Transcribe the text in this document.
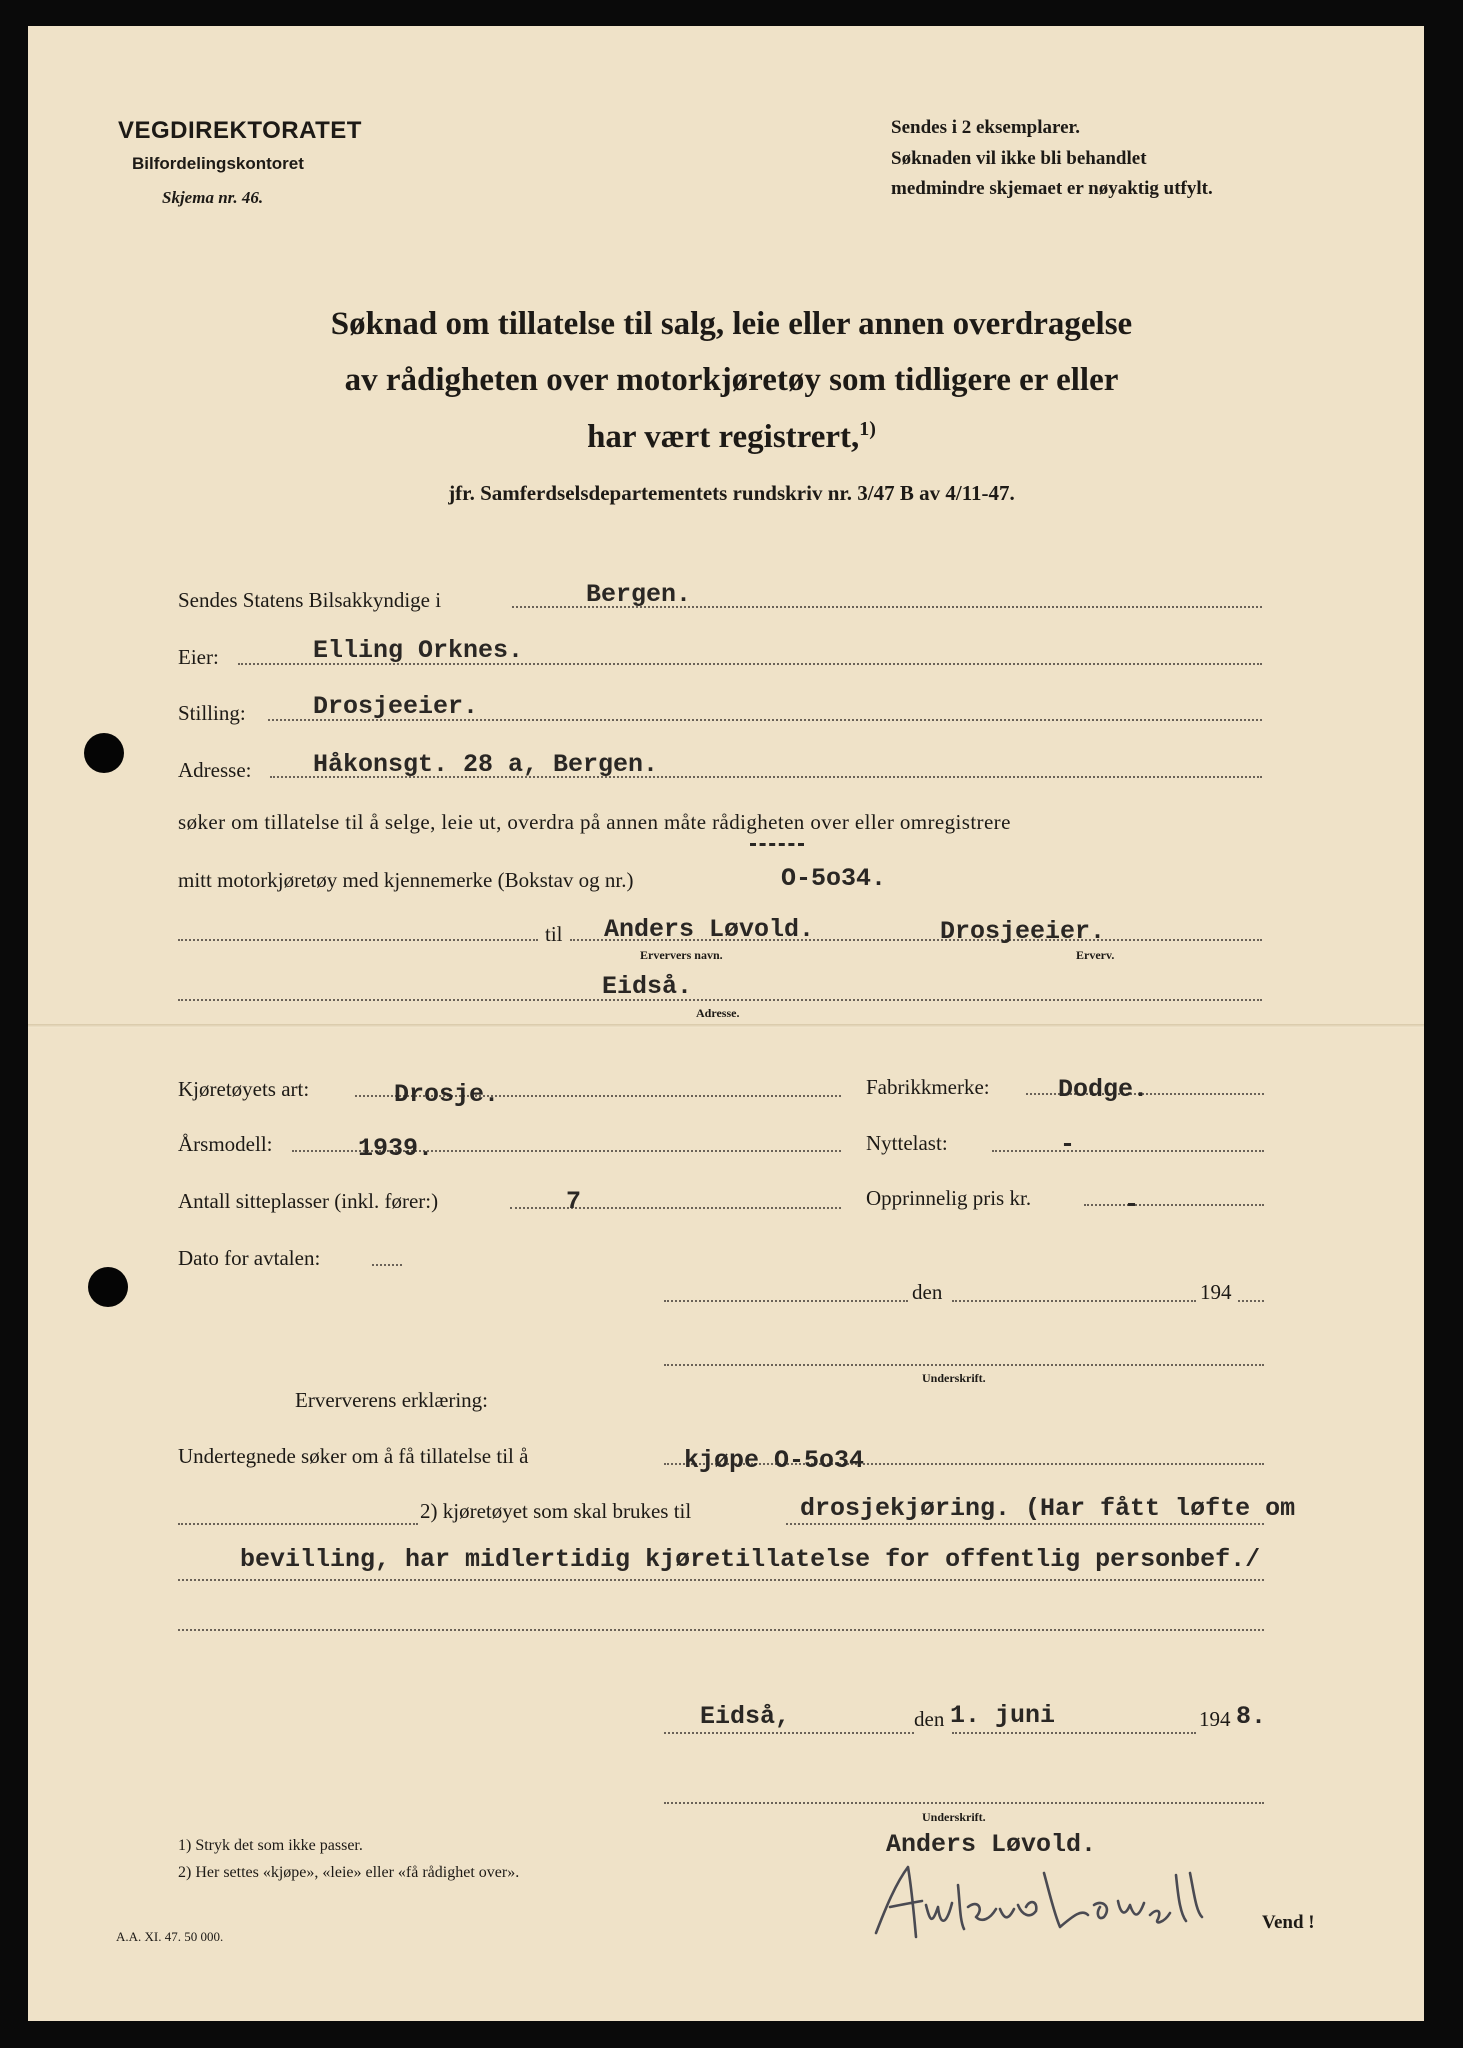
VEGDIREKTORATET
Bilfordelingskontoret
Skjema nr. 46.
Sendes i 2 eksemplarer.
Søknaden vil ikke bli behandlet
medmindre skjemaet er nøyaktig utfylt.
Søknad om tillatelse til salg, leie eller annen overdragelse
av rådigheten over motorkjøretøy som tidligere er eller
har vært registrert,$^{1)}$
jfr. Samferdselsdepartementets rundskriv nr. 3/47 B av 4/11-47.
Sendes Statens Bilsakkyndige i	Bergen.
Eier:	Elling Orknes.
Stilling:	Drosjeeier.
Adresse: Håkonsgt. 28 a, Bergen.
søker om tillatelse til å selge, leie ut, overdra på annen måte rådigheten over eller omregistrere
mitt motorkjøretøy med kjennemerke (Bokstav og nr.)	O-5o34.
til Anders Løvold.
Erververs navn.
Drosjeeier.
Erverv.
Eidså.
Adresse.
Kjøretøyets art:	Drosje.	Fabrikkmerke:	Dodge.
Årsmodell:	1939.	Nyttelast:	-
Antall sitteplasser (inkl. fører:)	7	Opprinnelig pris kr.	-
Dato for avtalen:
den	194
Underskrift.
Erververens erklæring:
Undertegnede søker om å få tillatelse til å	kjøpe O-5o34
2) kjøretøyet som skal brukes til	drosjekjøring. (Har fått løfte om
bevilling, har midlertidig kjøretillatelse for offentlig personbef./
Eidså,	den 1. juni	194 8.
Underskrift.
Anders Løvold.
1) Stryk det som ikke passer.
2) Her settes «kjøpe», «leie» eller «få rådighet over».
A.A. XI. 47. 50 000.
Vend !
